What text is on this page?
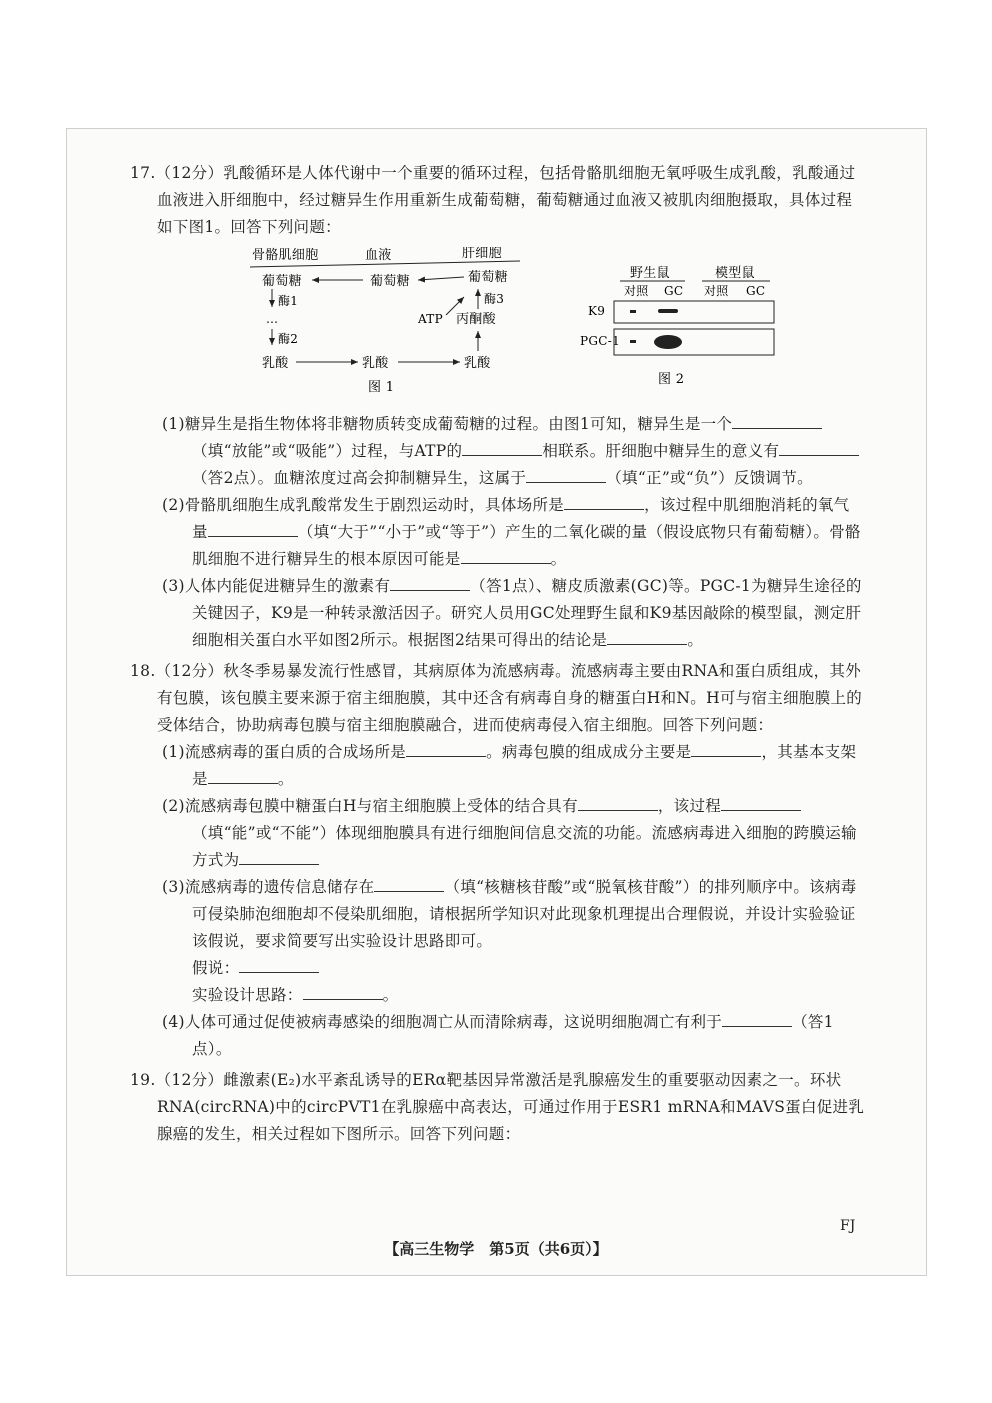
17.（12分）乳酸循环是人体代谢中一个重要的循环过程，包括骨骼肌细胞无氧呼吸生成乳酸，乳酸通过血液进入肝细胞中，经过糖异生作用重新生成葡萄糖，葡萄糖通过血液又被肌肉细胞摄取，具体过程如下图1。回答下列问题：

骨骼肌细胞	血液	肝细胞
葡萄糖	葡萄糖	葡萄糖
酶1
…
酶2
乳酸	乳酸	乳酸
丙酮酸
酶3
ATP
图 1
野生鼠	模型鼠
对照 GC 对照 GC
K9
PGC-1
图 2

(1)糖异生是指生物体将非糖物质转变成葡萄糖的过程。由图1可知，糖异生是一个（填“放能”或“吸能”）过程，与ATP的	相联系。肝细胞中糖异生的意义有（答2点）。血糖浓度过高会抑制糖异生，这属于	（填“正”或“负”）反馈调节。

(2)骨骼肌细胞生成乳酸常发生于剧烈运动时，具体场所是	，该过程中肌细胞消耗的氧气量	（填“大于”“小于”或“等于”）产生的二氧化碳的量（假设底物只有葡萄糖）。骨骼肌细胞不进行糖异生的根本原因可能是	。

(3)人体内能促进糖异生的激素有	（答1点）、糖皮质激素(GC)等。PGC-1为糖异生途径的关键因子，K9是一种转录激活因子。研究人员用GC处理野生鼠和K9基因敲除的模型鼠，测定肝细胞相关蛋白水平如图2所示。根据图2结果可得出的结论是	。

18.（12分）秋冬季易暴发流行性感冒，其病原体为流感病毒。流感病毒主要由RNA和蛋白质组成，其外有包膜，该包膜主要来源于宿主细胞膜，其中还含有病毒自身的糖蛋白H和N。H可与宿主细胞膜上的受体结合，协助病毒包膜与宿主细胞膜融合，进而使病毒侵入宿主细胞。回答下列问题：

(1)流感病毒的蛋白质的合成场所是	。病毒包膜的组成成分主要是	，其基本支架是	。

(2)流感病毒包膜中糖蛋白H与宿主细胞膜上受体的结合具有	，该过程（填“能”或“不能”）体现细胞膜具有进行细胞间信息交流的功能。流感病毒进入细胞的跨膜运输方式为

(3)流感病毒的遗传信息储存在	（填“核糖核苷酸”或“脱氧核苷酸”）的排列顺序中。该病毒可侵染肺泡细胞却不侵染肌细胞，请根据所学知识对此现象机理提出合理假说，并设计实验验证该假说，要求简要写出实验设计思路即可。

假说：

实验设计思路：	。

(4)人体可通过促使被病毒感染的细胞凋亡从而清除病毒，这说明细胞凋亡有利于	（答1点）。

19.（12分）雌激素(E₂)水平紊乱诱导的ERα靶基因异常激活是乳腺癌发生的重要驱动因素之一。环状RNA(circRNA)中的circPVT1在乳腺癌中高表达，可通过作用于ESR1 mRNA和MAVS蛋白促进乳腺癌的发生，相关过程如下图所示。回答下列问题：

FJ
【高三生物学　第5页（共6页）】
